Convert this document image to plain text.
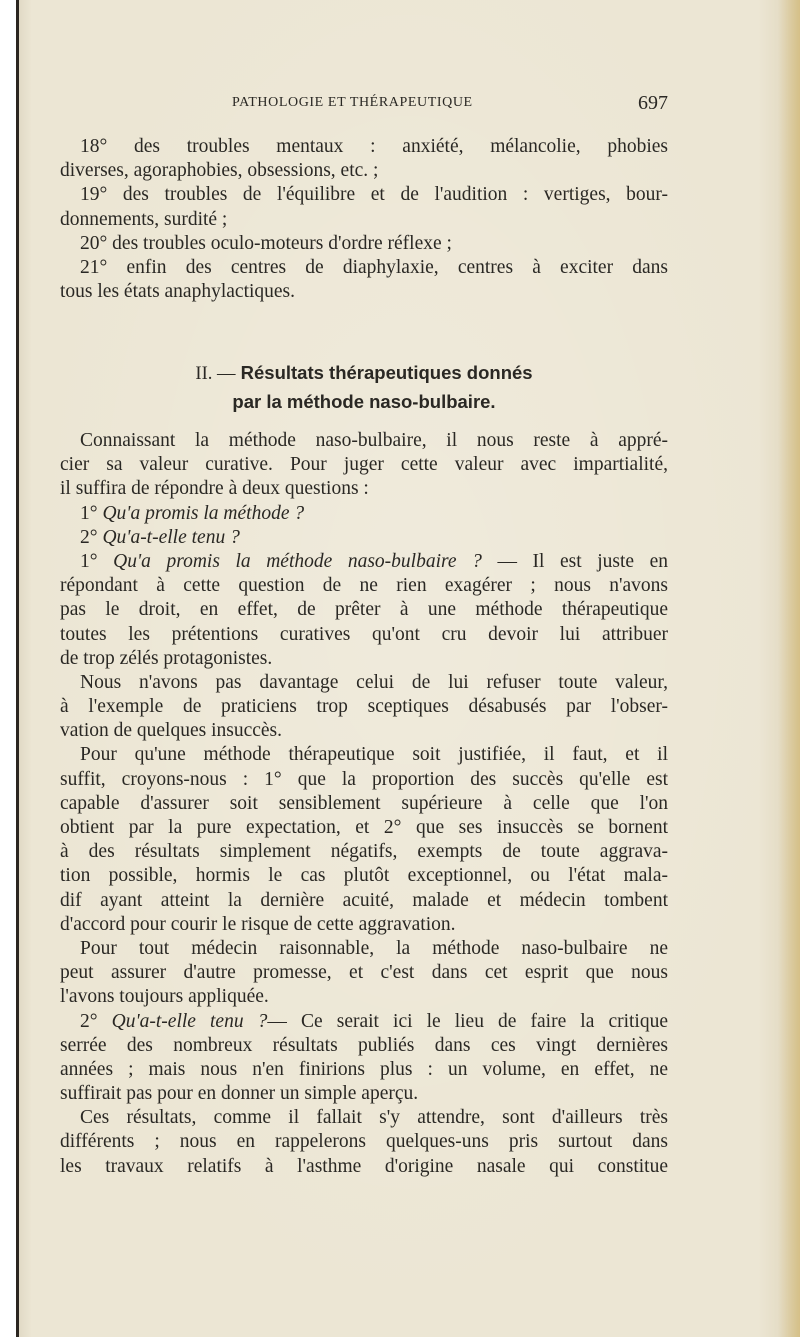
PATHOLOGIE ET THÉRAPEUTIQUE	697
18° des troubles mentaux : anxiété, mélancolie, phobies
diverses, agoraphobies, obsessions, etc. ;
19° des troubles de l'équilibre et de l'audition : vertiges, bour-
donnements, surdité ;
20° des troubles oculo-moteurs d'ordre réflexe ;
21° enfin des centres de diaphylaxie, centres à exciter dans
tous les états anaphylactiques.
II. — Résultats thérapeutiques donnés
par la méthode naso-bulbaire.
Connaissant la méthode naso-bulbaire, il nous reste à appré-
cier sa valeur curative. Pour juger cette valeur avec impartialité,
il suffira de répondre à deux questions :
1° Qu'a promis la méthode ?
2° Qu'a-t-elle tenu ?
1° Qu'a promis la méthode naso-bulbaire ? — Il est juste en
répondant à cette question de ne rien exagérer ; nous n'avons
pas le droit, en effet, de prêter à une méthode thérapeutique
toutes les prétentions curatives qu'ont cru devoir lui attribuer
de trop zélés protagonistes.
Nous n'avons pas davantage celui de lui refuser toute valeur,
à l'exemple de praticiens trop sceptiques désabusés par l'obser-
vation de quelques insuccès.
Pour qu'une méthode thérapeutique soit justifiée, il faut, et il
suffit, croyons-nous : 1° que la proportion des succès qu'elle est
capable d'assurer soit sensiblement supérieure à celle que l'on
obtient par la pure expectation, et 2° que ses insuccès se bornent
à des résultats simplement négatifs, exempts de toute aggrava-
tion possible, hormis le cas plutôt exceptionnel, ou l'état mala-
dif ayant atteint la dernière acuité, malade et médecin tombent
d'accord pour courir le risque de cette aggravation.
Pour tout médecin raisonnable, la méthode naso-bulbaire ne
peut assurer d'autre promesse, et c'est dans cet esprit que nous
l'avons toujours appliquée.
2° Qu'a-t-elle tenu ?— Ce serait ici le lieu de faire la critique
serrée des nombreux résultats publiés dans ces vingt dernières
années ; mais nous n'en finirions plus : un volume, en effet, ne
suffirait pas pour en donner un simple aperçu.
Ces résultats, comme il fallait s'y attendre, sont d'ailleurs très
différents ; nous en rappelerons quelques-uns pris surtout dans
les travaux relatifs à l'asthme d'origine nasale qui constitue
